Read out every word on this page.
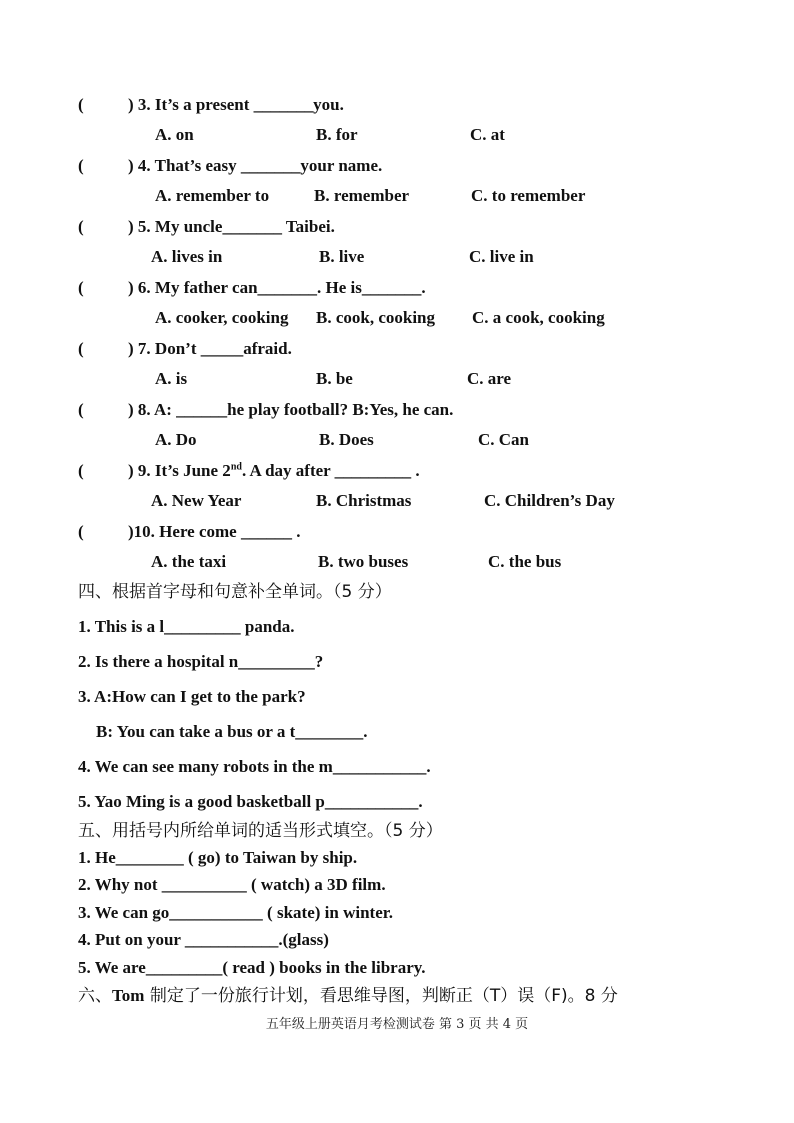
(	) 3. It’s a present _______you.
A. on	B. for	C. at
(	) 4. That’s easy _______your name.
A. remember to	B. remember	C. to remember
(	) 5. My uncle_______ Taibei.
A. lives in	B. live	C. live in
(	) 6. My father can_______. He is_______.
A. cooker, cooking B. cook, cooking C. a cook, cooking
(	) 7. Don’t _____afraid.
A. is	B. be	C. are
(	) 8. A: ______he play football? B:Yes, he can.
A. Do	B. Does	C. Can
(	) 9. It’s June 2nd. A day after _________ .
A. New Year	B. Christmas	C. Children’s Day
(	)10. Here come ______ .
A. the taxi	B. two buses	C. the bus
四、根据首字母和句意补全单词。（5 分）
1. This is a l_________ panda.
2. Is there a hospital n_________?
3. A:How can I get to the park?
B: You can take a bus or a t________.
4. We can see many robots in the m___________.
5. Yao Ming is a good basketball p___________.
五、用括号内所给单词的适当形式填空。（5 分）
1. He________ ( go) to Taiwan by ship.
2. Why not __________ ( watch) a 3D film.
3. We can go___________ ( skate) in winter.
4. Put on your ___________.(glass)
5. We are_________( read ) books in the library.
六、Tom 制定了一份旅行计划，看思维导图，判断正（T）误（F)。8 分
五年级上册英语月考检测试卷 第 3 页 共 4 页
